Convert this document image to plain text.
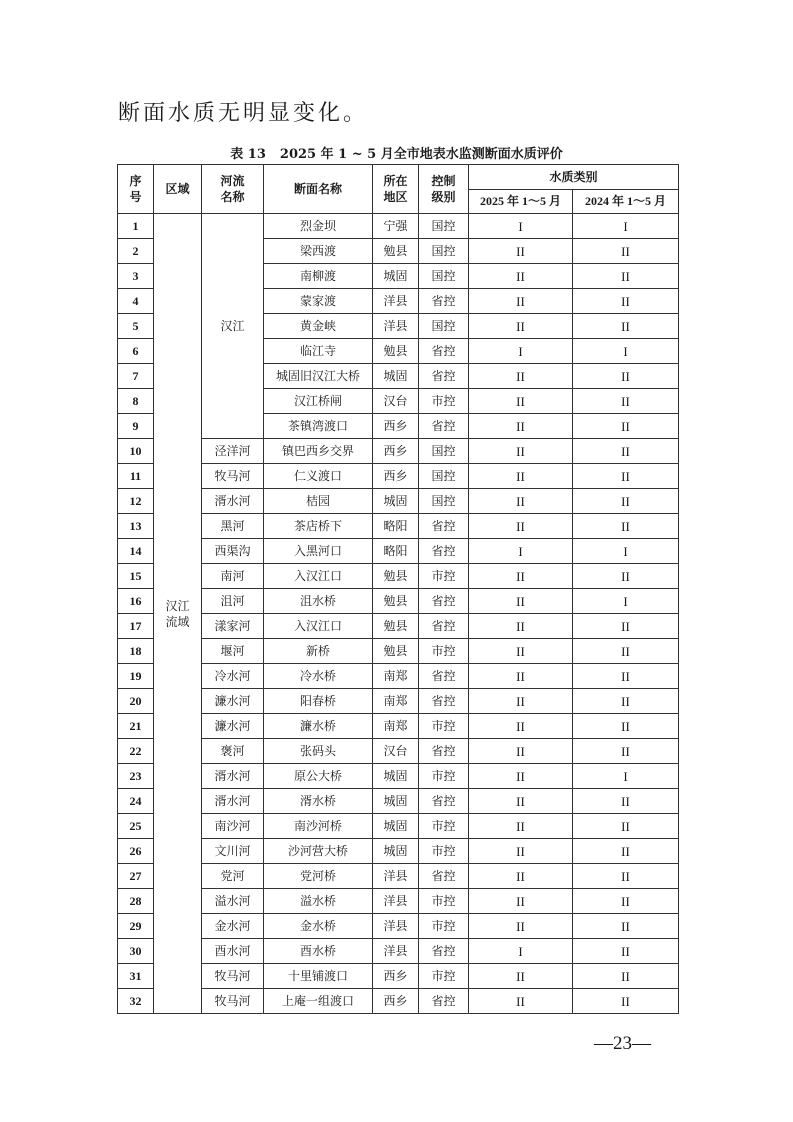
断面水质无明显变化。
表 13 2025 年 1 ~ 5 月全市地表水监测断面水质评价
序号	区域	河流名称	断面名称	所在地区	控制级别	水质类别	
						2025 年 1～5 月	2024 年 1～5 月
1	汉江流域	汉江	烈金坝	宁强	国控	I	I
2			梁西渡	勉县	国控	II	II
3			南柳渡	城固	国控	II	II
4			蒙家渡	洋县	省控	II	II
5			黄金峡	洋县	国控	II	II
6			临江寺	勉县	省控	I	I
7			城固旧汉江大桥	城固	省控	II	II
8			汉江桥闸	汉台	市控	II	II
9			茶镇湾渡口	西乡	省控	II	II
10		泾洋河	镇巴西乡交界	西乡	国控	II	II
11		牧马河	仁义渡口	西乡	国控	II	II
12		湑水河	桔园	城固	国控	II	II
13		黑河	茶店桥下	略阳	省控	II	II
14		西渠沟	入黑河口	略阳	省控	I	I
15		南河	入汉江口	勉县	市控	II	II
16		沮河	沮水桥	勉县	省控	II	I
17		漾家河	入汉江口	勉县	省控	II	II
18		堰河	新桥	勉县	市控	II	II
19		冷水河	冷水桥	南郑	省控	II	II
20		濂水河	阳春桥	南郑	省控	II	II
21		濂水河	濂水桥	南郑	市控	II	II
22		褒河	张码头	汉台	省控	II	II
23		湑水河	原公大桥	城固	市控	II	I
24		湑水河	湑水桥	城固	省控	II	II
25		南沙河	南沙河桥	城固	市控	II	II
26		文川河	沙河营大桥	城固	市控	II	II
27		党河	党河桥	洋县	省控	II	II
28		溢水河	溢水桥	洋县	市控	II	II
29		金水河	金水桥	洋县	市控	II	II
30		酉水河	酉水桥	洋县	省控	I	II
31		牧马河	十里铺渡口	西乡	市控	II	II
32		牧马河	上庵一组渡口	西乡	省控	II	II
—23—
